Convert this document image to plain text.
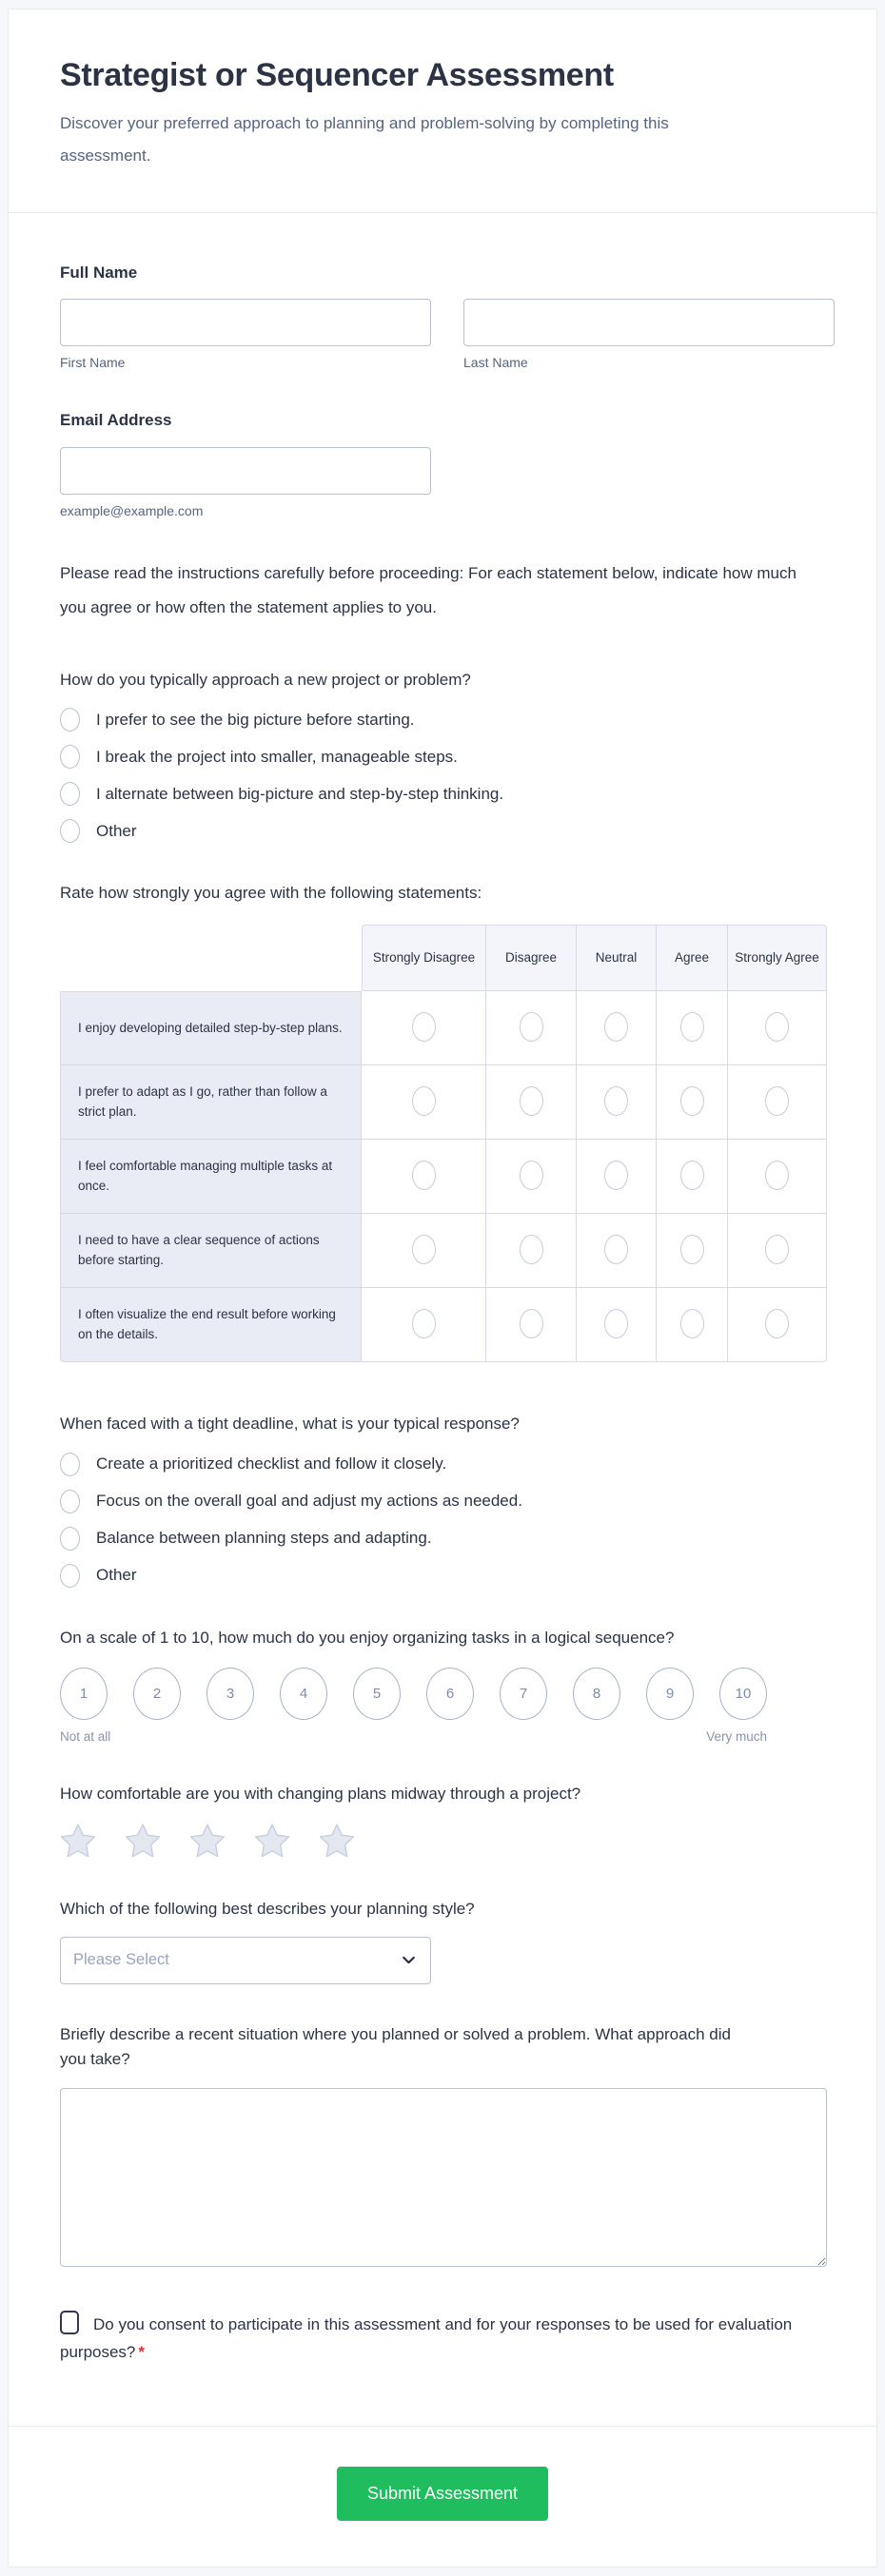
Strategist or Sequencer Assessment

Discover your preferred approach to planning and problem-solving by completing this assessment.

Full Name
First Name	Last Name
Email Address
example@example.com

Please read the instructions carefully before proceeding: For each statement below, indicate how much you agree or how often the statement applies to you.

How do you typically approach a new project or problem?
I prefer to see the big picture before starting.
I break the project into smaller, manageable steps.
I alternate between big-picture and step-by-step thinking.
Other
Rate how strongly you agree with the following statements:
	Strongly Disagree	Disagree	Neutral	Agree	Strongly Agree
I enjoy developing detailed step-by-step plans.					
I prefer to adapt as I go, rather than follow a strict plan.					
I feel comfortable managing multiple tasks at once.					
I need to have a clear sequence of actions before starting.					
I often visualize the end result before working on the details.					
When faced with a tight deadline, what is your typical response?
Create a prioritized checklist and follow it closely.
Focus on the overall goal and adjust my actions as needed.
Balance between planning steps and adapting.
Other
On a scale of 1 to 10, how much do you enjoy organizing tasks in a logical sequence?
1	2	3	4	5	6	7	8	9	10
Not at all	Very much
How comfortable are you with changing plans midway through a project?
Which of the following best describes your planning style?
Please Select
Briefly describe a recent situation where you planned or solved a problem. What approach did you take?
Do you consent to participate in this assessment and for your responses to be used for evaluation purposes? *
Submit Assessment
